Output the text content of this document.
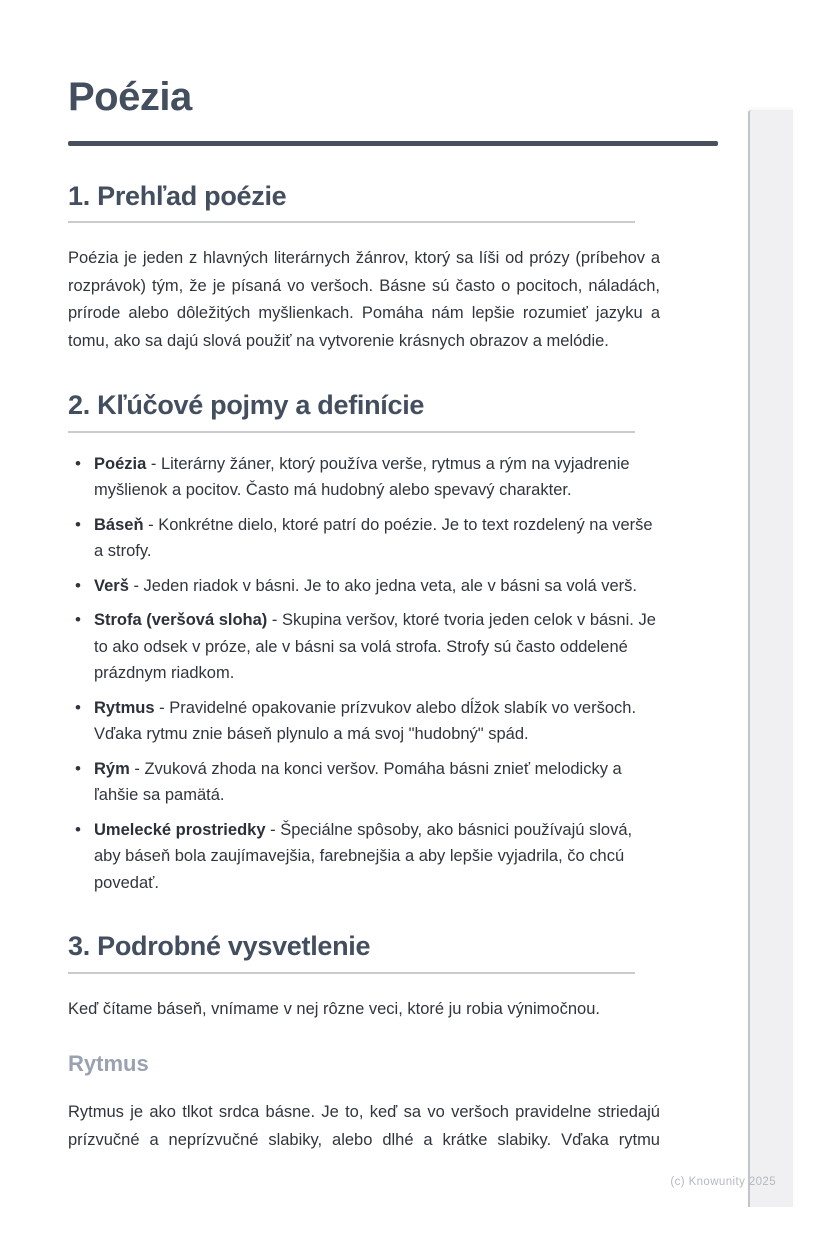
Poézia
1. Prehľad poézie

Poézia je jeden z hlavných literárnych žánrov, ktorý sa líši od prózy (príbehov a rozprávok) tým, že je písaná vo veršoch. Básne sú často o pocitoch, náladách, prírode alebo dôležitých myšlienkach. Pomáha nám lepšie rozumieť jazyku a tomu, ako sa dajú slová použiť na vytvorenie krásnych obrazov a melódie.

2. Kľúčové pojmy a definície
• Poézia - Literárny žáner, ktorý používa verše, rytmus a rým na vyjadrenie myšlienok a pocitov. Často má hudobný alebo spevavý charakter.
• Báseň - Konkrétne dielo, ktoré patrí do poézie. Je to text rozdelený na verše a strofy.
• Verš - Jeden riadok v básni. Je to ako jedna veta, ale v básni sa volá verš.
• Strofa (veršová sloha) - Skupina veršov, ktoré tvoria jeden celok v básni. Je to ako odsek v próze, ale v básni sa volá strofa. Strofy sú často oddelené prázdnym riadkom.
• Rytmus - Pravidelné opakovanie prízvukov alebo dĺžok slabík vo veršoch. Vďaka rytmu znie báseň plynulo a má svoj "hudobný" spád.
• Rým - Zvuková zhoda na konci veršov. Pomáha básni znieť melodicky a ľahšie sa pamätá.
• Umelecké prostriedky - Špeciálne spôsoby, ako básnici používajú slová, aby báseň bola zaujímavejšia, farebnejšia a aby lepšie vyjadrila, čo chcú povedať.
3. Podrobné vysvetlenie

Keď čítame báseň, vnímame v nej rôzne veci, ktoré ju robia výnimočnou.

Rytmus

Rytmus je ako tlkot srdca básne. Je to, keď sa vo veršoch pravidelne striedajú prízvučné a neprízvučné slabiky, alebo dlhé a krátke slabiky. Vďaka rytmu

(c) Knowunity 2025
